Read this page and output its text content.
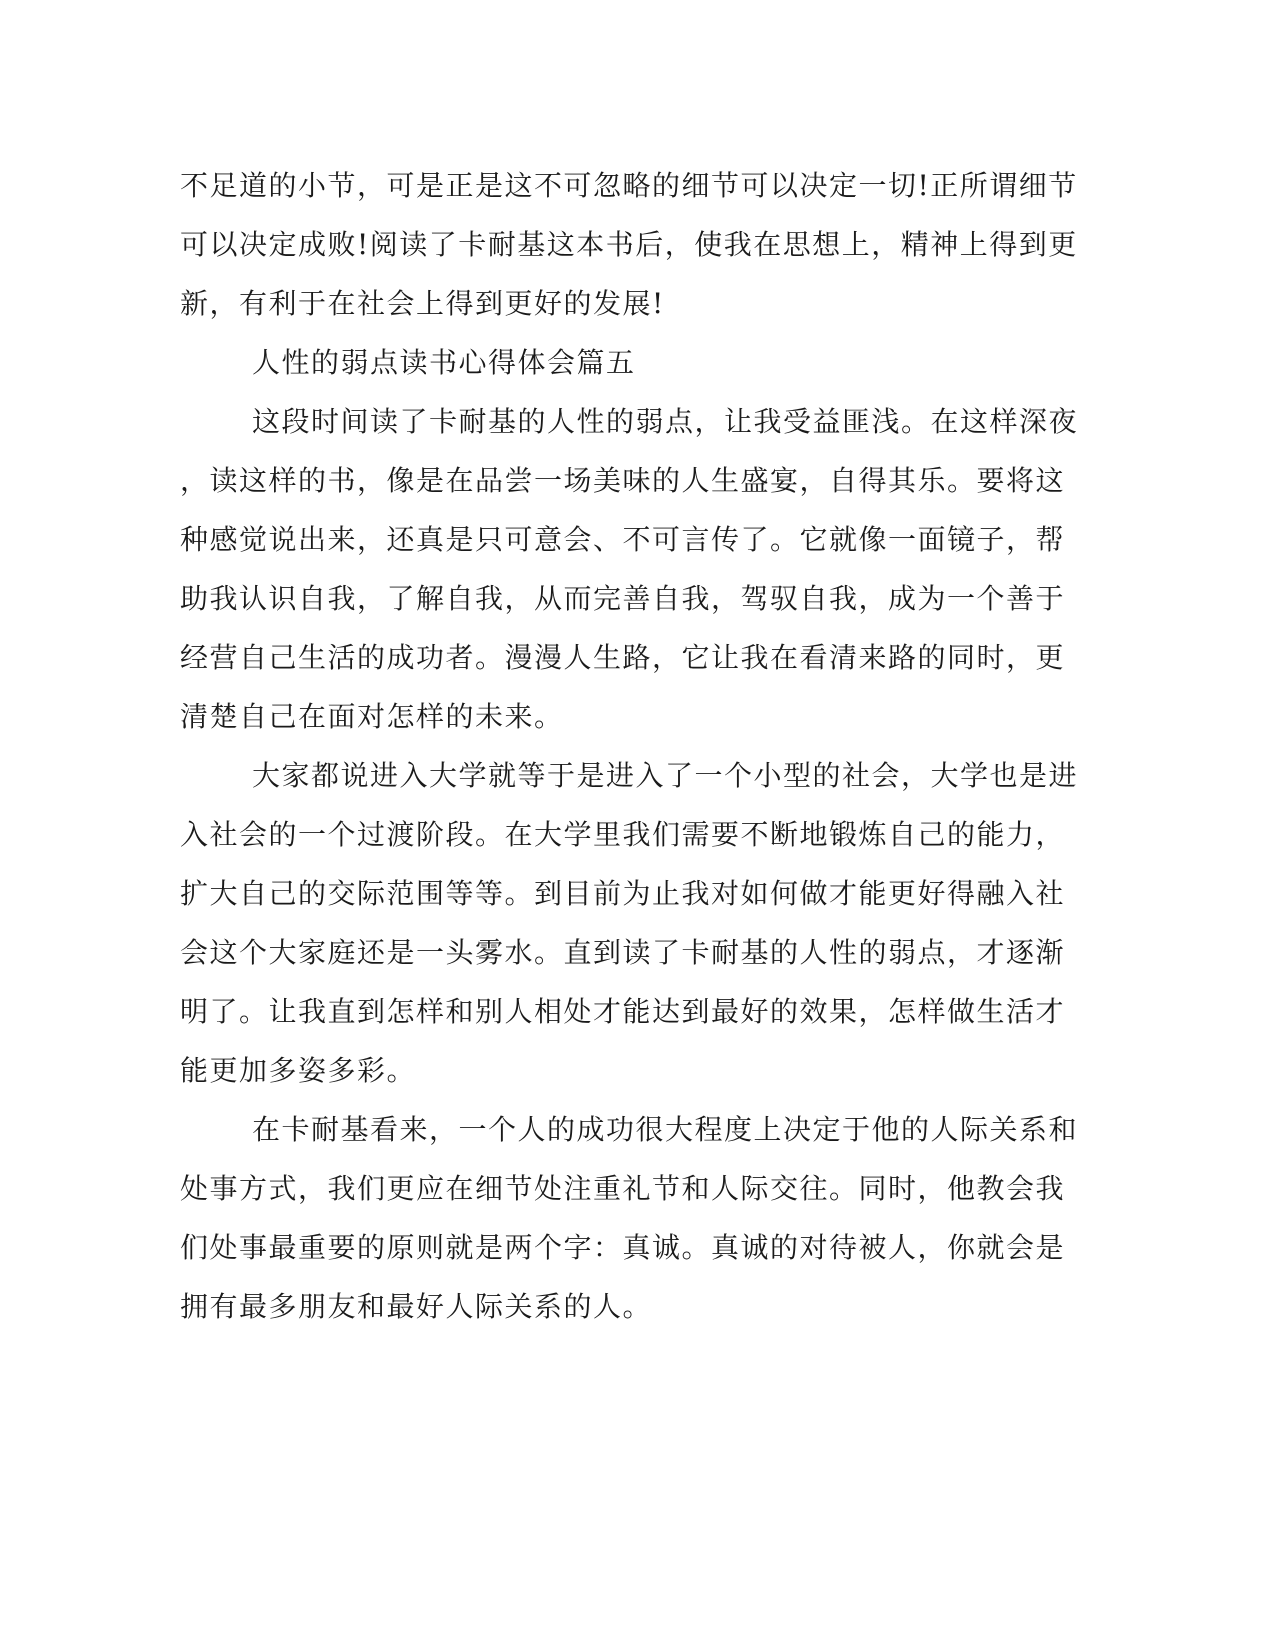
不足道的小节，可是正是这不可忽略的细节可以决定一切!正所谓细节
可以决定成败!阅读了卡耐基这本书后，使我在思想上，精神上得到更
新，有利于在社会上得到更好的发展!
人性的弱点读书心得体会篇五
这段时间读了卡耐基的人性的弱点，让我受益匪浅。在这样深夜
，读这样的书，像是在品尝一场美味的人生盛宴，自得其乐。要将这
种感觉说出来，还真是只可意会、不可言传了。它就像一面镜子，帮
助我认识自我，了解自我，从而完善自我，驾驭自我，成为一个善于
经营自己生活的成功者。漫漫人生路，它让我在看清来路的同时，更
清楚自己在面对怎样的未来。
大家都说进入大学就等于是进入了一个小型的社会，大学也是进
入社会的一个过渡阶段。在大学里我们需要不断地锻炼自己的能力，
扩大自己的交际范围等等。到目前为止我对如何做才能更好得融入社
会这个大家庭还是一头雾水。直到读了卡耐基的人性的弱点，才逐渐
明了。让我直到怎样和别人相处才能达到最好的效果，怎样做生活才
能更加多姿多彩。
在卡耐基看来，一个人的成功很大程度上决定于他的人际关系和
处事方式，我们更应在细节处注重礼节和人际交往。同时，他教会我
们处事最重要的原则就是两个字：真诚。真诚的对待被人，你就会是
拥有最多朋友和最好人际关系的人。
